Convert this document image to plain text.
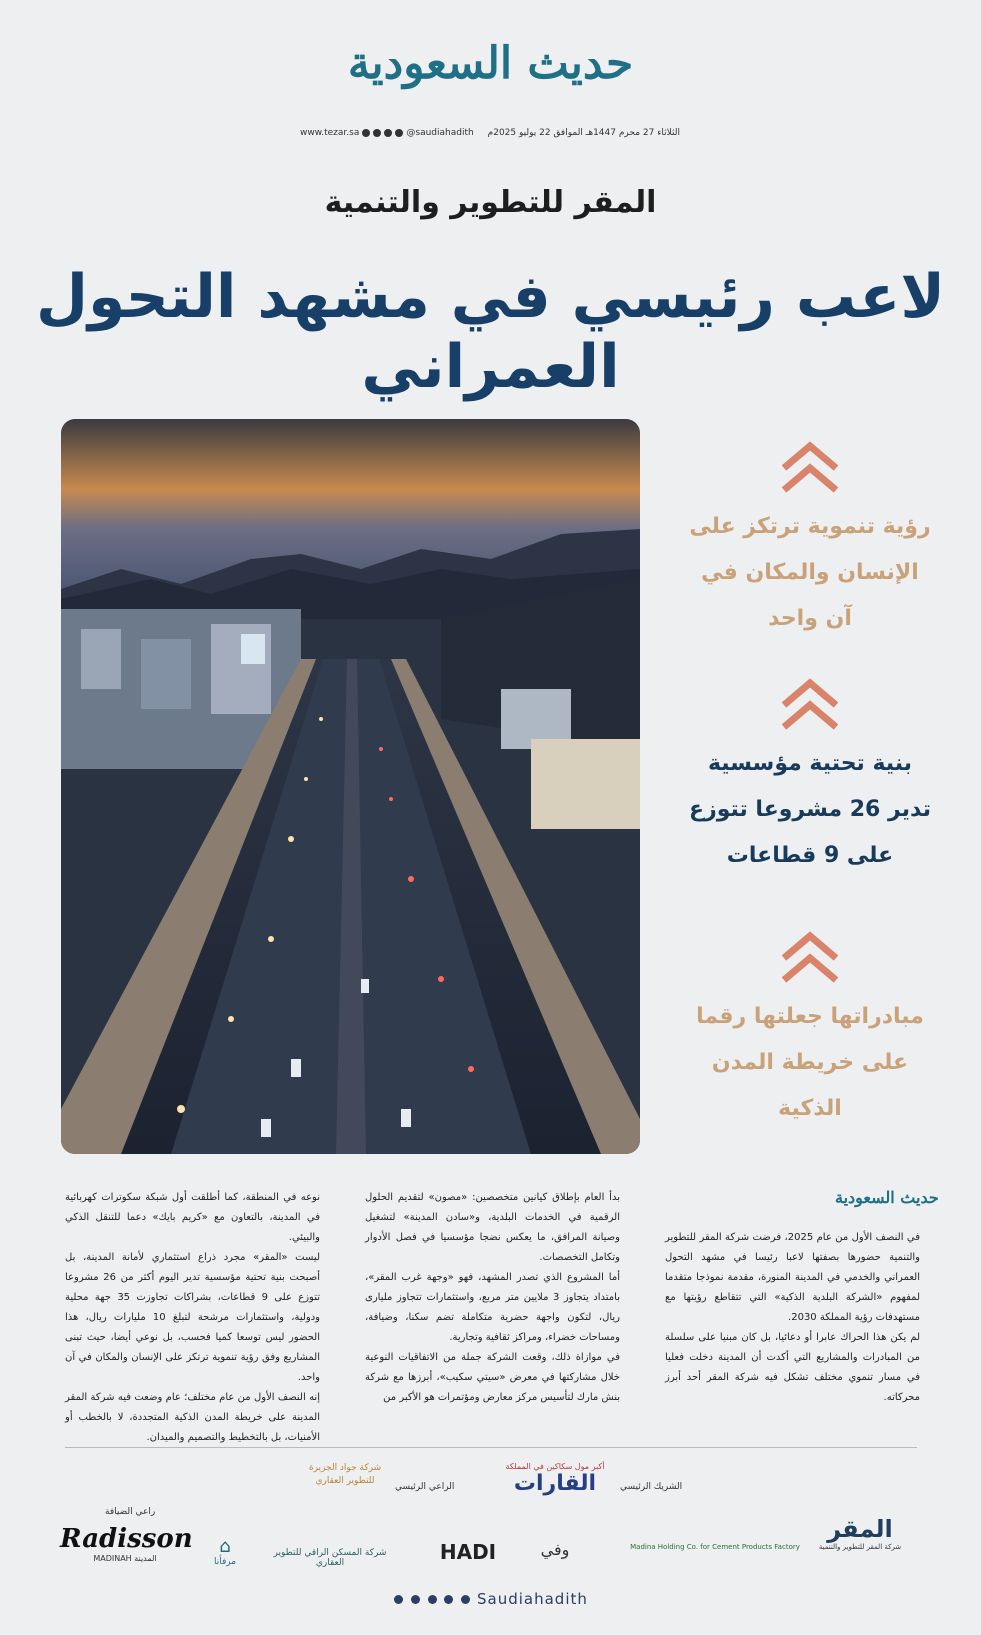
حديث السعودية
الثلاثاء 27 محرم 1447هـ الموافق 22 يوليو 2025م
www.tezar.sa	@saudiahadith
المقر للتطوير والتنمية
لاعب رئيسي في مشهد التحول العمراني
رؤية تنموية ترتكز على
الإنسان والمكان في
آن واحد
بنية تحتية مؤسسية
تدير 26 مشروعا تتوزع
على 9 قطاعات
مبادراتها جعلتها رقما
على خريطة المدن
الذكية
حديث السعودية

في النصف الأول من عام 2025، فرضت شركة المقر للتطوير والتنمية حضورها بصفتها لاعبا رئيسا في مشهد التحول العمراني والخدمي في المدينة المنورة، مقدمة نموذجا متقدما لمفهوم «الشركة البلدية الذكية» التي تتقاطع رؤيتها مع مستهدفات رؤية المملكة 2030.

لم يكن هذا الحراك عابرا أو دعائيا، بل كان مبنيا على سلسلة من المبادرات والمشاريع التي أكدت أن المدينة دخلت فعليا في مسار تنموي مختلف تشكل فيه شركة المقر أحد أبرز محركاته.

بدأ العام بإطلاق كيانين متخصصين: «مصون» لتقديم الحلول الرقمية في الخدمات البلدية، و«سادن المدينة» لتشغيل وصيانة المرافق، ما يعكس نضجا مؤسسيا في فصل الأدوار وتكامل التخصصات.

أما المشروع الذي تصدر المشهد، فهو «وجهة غرب المقر»، بامتداد يتجاوز 3 ملايين متر مربع، واستثمارات تتجاوز مليارى ريال، لتكون واجهة حضرية متكاملة تضم سكنا، وضيافة، ومساحات خضراء، ومراكز ثقافية وتجارية.

في موازاة ذلك، وقعت الشركة جملة من الاتفاقيات النوعية خلال مشاركتها في معرض «سيتي سكيب»، أبرزها مع شركة بنش مارك لتأسيس مركز معارض ومؤتمرات هو الأكبر من

نوعه في المنطقة، كما أطلقت أول شبكة سكوترات كهربائية في المدينة، بالتعاون مع «كريم بايك» دعما للتنقل الذكي والبيئي.

ليست «المقر» مجرد ذراع استثماري لأمانة المدينة، بل أصبحت بنية تحتية مؤسسية تدير اليوم أكثر من 26 مشروعا تتوزع على 9 قطاعات، بشراكات تجاوزت 35 جهة محلية ودولية، واستثمارات مرشحة لتبلغ 10 مليارات ريال، هذا الحضور ليس توسعا كميا فحسب، بل نوعي أيضا، حيث تبنى المشاريع وفق رؤية تنموية ترتكز على الإنسان والمكان في آن واحد.

إنه النصف الأول من عام مختلف؛ عام وضعت فيه شركة المقر المدينة على خريطة المدن الذكية المتجددة، لا بالخطب أو الأمنيات، بل بالتخطيط والتصميم والميدان.

الشريك الرئيسي
أكبر مول سكاكين في المملكة
القارات
الراعي الرئيسي
شركة جواد الجزيرة للتطوير العقاري
راعي الضيافة
Radisson
MADINAH المدينة
⌂
مرفأنا
شركة المسكن الراقي للتطوير العقاري	HADI	وفي	Madina Holding Co. for Cement Products Factory
المقر
شركة المقر للتطوير والتنمية
Saudiahadith
